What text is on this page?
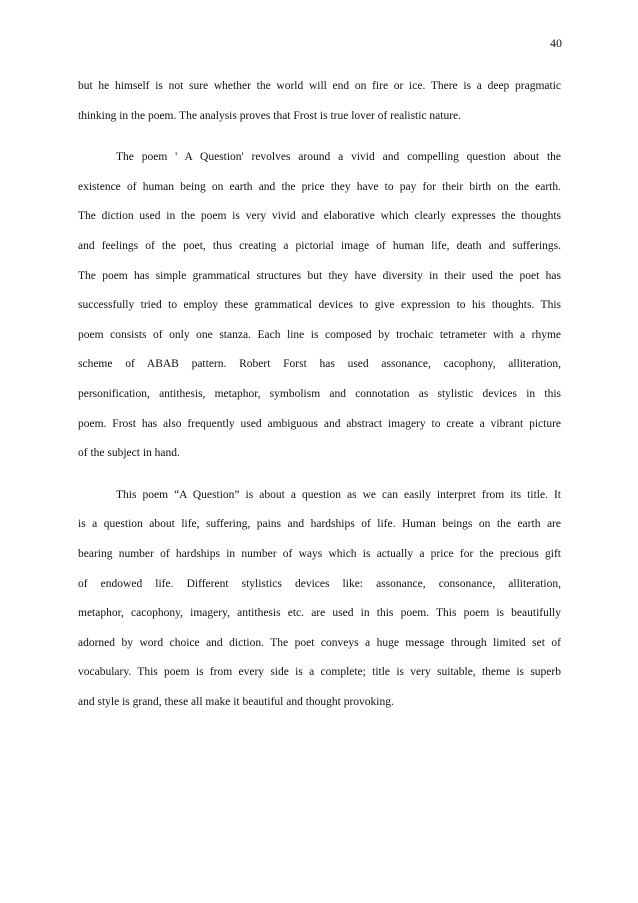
40
but he himself is not sure whether the world will end on fire or ice. There is a deep pragmatic
thinking in the poem. The analysis proves that Frost is true lover of realistic nature.
The poem ' A Question' revolves around a vivid and compelling question about the
existence of human being on earth and the price they have to pay for their birth on the earth.
The diction used in the poem is very vivid and elaborative which clearly expresses the thoughts
and feelings of the poet, thus creating a pictorial image of human life, death and sufferings.
The poem has simple grammatical structures but they have diversity in their used the poet has
successfully tried to employ these grammatical devices to give expression to his thoughts. This
poem consists of only one stanza. Each line is composed by trochaic tetrameter with a rhyme
scheme of ABAB pattern. Robert Forst has used assonance, cacophony, alliteration,
personification, antithesis, metaphor, symbolism and connotation as stylistic devices in this
poem. Frost has also frequently used ambiguous and abstract imagery to create a vibrant picture
of the subject in hand.
This poem “A Question” is about a question as we can easily interpret from its title. It
is a question about life, suffering, pains and hardships of life. Human beings on the earth are
bearing number of hardships in number of ways which is actually a price for the precious gift
of endowed life. Different stylistics devices like: assonance, consonance, alliteration,
metaphor, cacophony, imagery, antithesis etc. are used in this poem. This poem is beautifully
adorned by word choice and diction. The poet conveys a huge message through limited set of
vocabulary. This poem is from every side is a complete; title is very suitable, theme is superb
and style is grand, these all make it beautiful and thought provoking.
